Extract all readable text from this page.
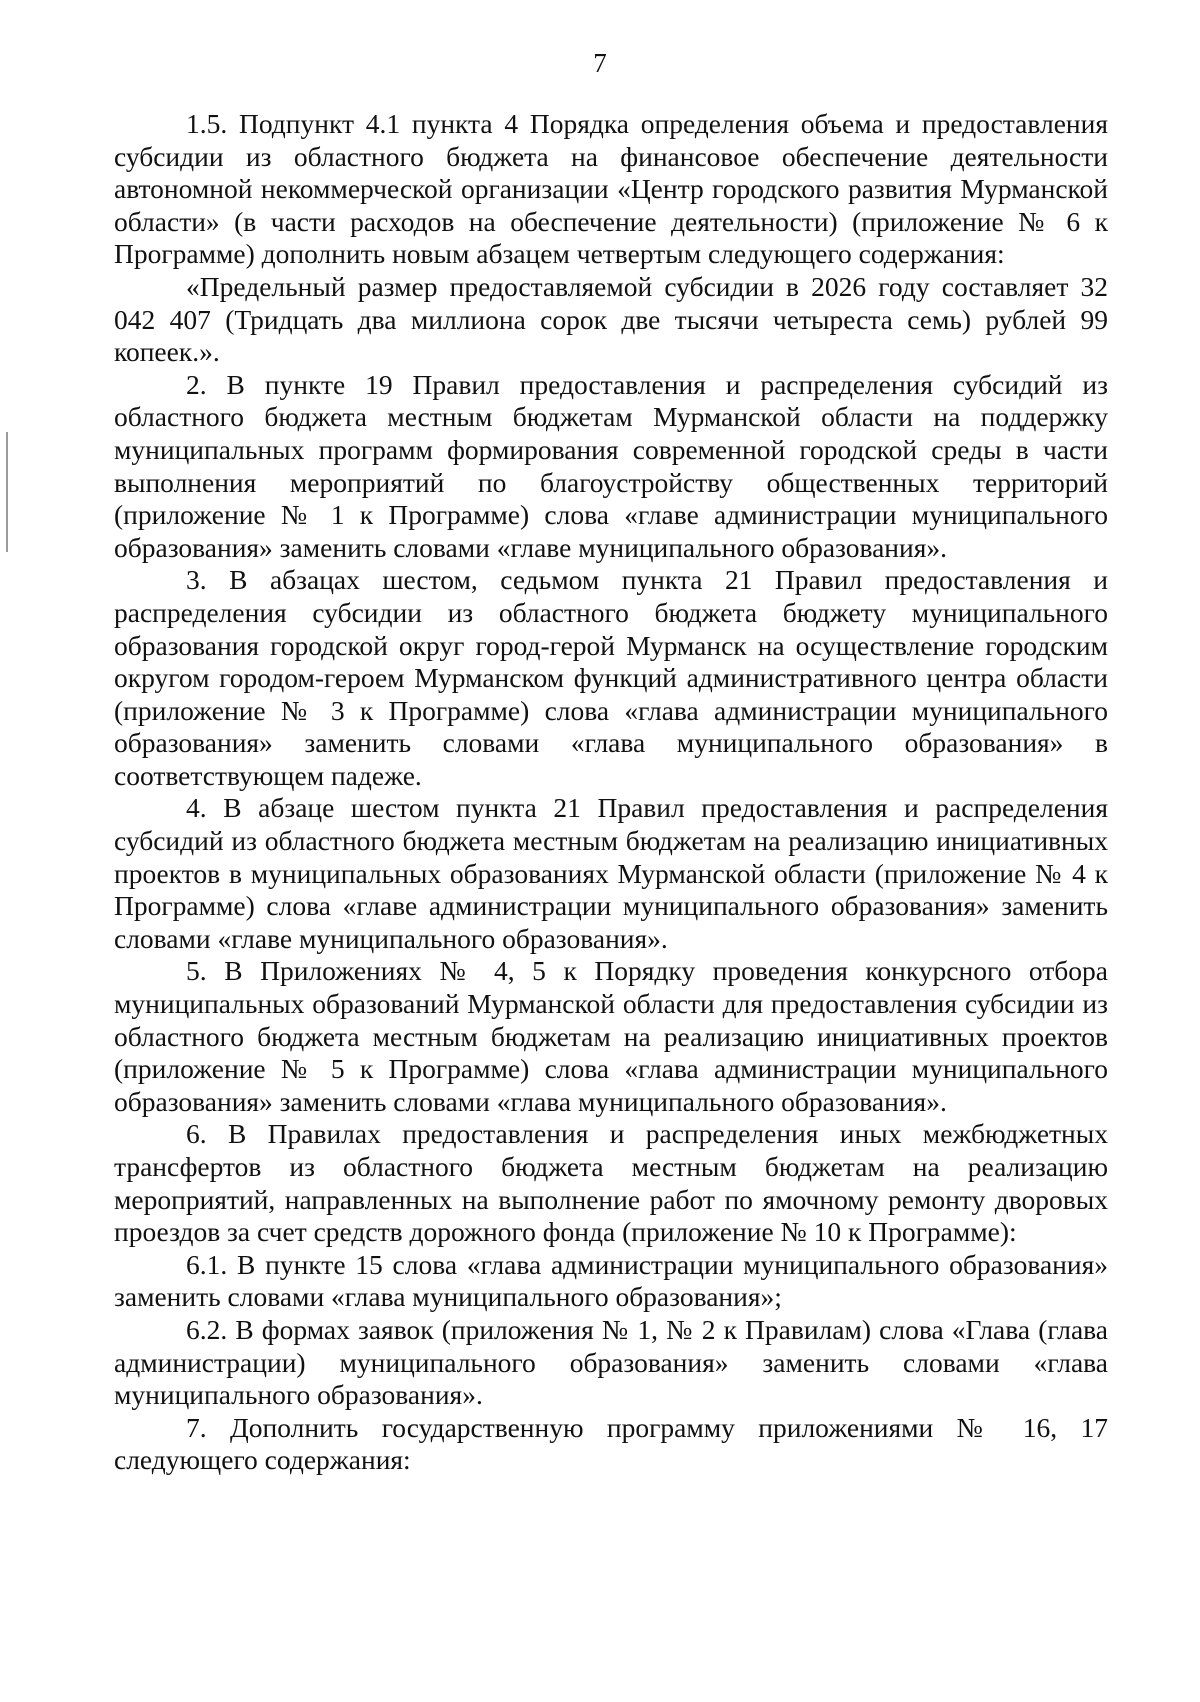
7

1.5. Подпункт 4.1 пункта 4 Порядка определения объема и предоставления субсидии из областного бюджета на финансовое обеспечение деятельности автономной некоммерческой организации «Центр городского развития Мурманской области» (в части расходов на обеспечение деятельности) (приложение № 6 к Программе) дополнить новым абзацем четвертым следующего содержания:

«Предельный размер предоставляемой субсидии в 2026 году составляет 32 042 407 (Тридцать два миллиона сорок две тысячи четыреста семь) рублей 99 копеек.».

2. В пункте 19 Правил предоставления и распределения субсидий из областного бюджета местным бюджетам Мурманской области на поддержку муниципальных программ формирования современной городской среды в части выполнения мероприятий по благоустройству общественных территорий (приложение № 1 к Программе) слова «главе администрации муниципального образования» заменить словами «главе муниципального образования».

3. В абзацах шестом, седьмом пункта 21 Правил предоставления и распределения субсидии из областного бюджета бюджету муниципального образования городской округ город-герой Мурманск на осуществление городским округом городом-героем Мурманском функций административного центра области (приложение № 3 к Программе) слова «глава администрации муниципального образования» заменить словами «глава муниципального образования» в соответствующем падеже.

4. В абзаце шестом пункта 21 Правил предоставления и распределения субсидий из областного бюджета местным бюджетам на реализацию инициативных проектов в муниципальных образованиях Мурманской области (приложение № 4 к Программе) слова «главе администрации муниципального образования» заменить словами «главе муниципального образования».

5. В Приложениях № 4, 5 к Порядку проведения конкурсного отбора муниципальных образований Мурманской области для предоставления субсидии из областного бюджета местным бюджетам на реализацию инициативных проектов (приложение № 5 к Программе) слова «глава администрации муниципального образования» заменить словами «глава муниципального образования».

6. В Правилах предоставления и распределения иных межбюджетных трансфертов из областного бюджета местным бюджетам на реализацию мероприятий, направленных на выполнение работ по ямочному ремонту дворовых проездов за счет средств дорожного фонда (приложение № 10 к Программе):

6.1. В пункте 15 слова «глава администрации муниципального образования» заменить словами «глава муниципального образования»;

6.2. В формах заявок (приложения № 1, № 2 к Правилам) слова «Глава (глава администрации) муниципального образования» заменить словами «глава муниципального образования».

7. Дополнить государственную программу приложениями № 16, 17 следующего содержания:
